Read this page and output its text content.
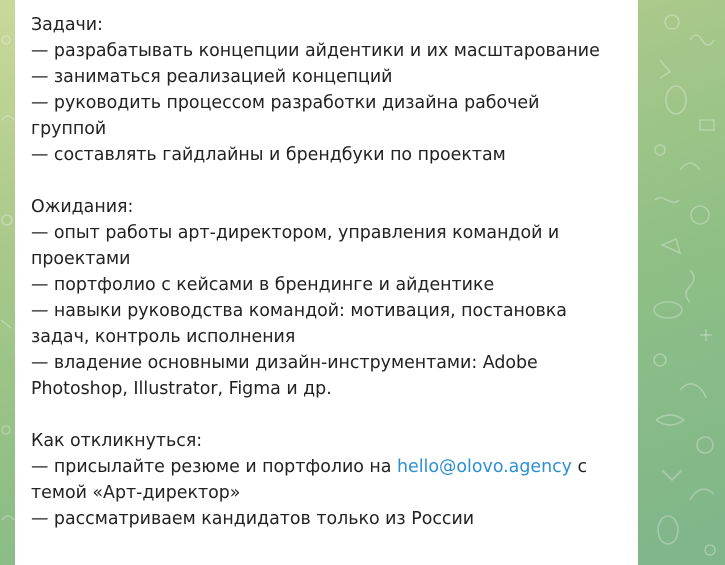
Задачи:
— разрабатывать концепции айдентики и их масштарование
— заниматься реализацией концепций
— руководить процессом разработки дизайна рабочей
группой
— составлять гайдлайны и брендбуки по проектам
Ожидания:
— опыт работы арт-директором, управления командой и
проектами
— портфолио с кейсами в брендинге и айдентике
— навыки руководства командой: мотивация, постановка
задач, контроль исполнения
— владение основными дизайн-инструментами: Adobe
Photoshop, Illustrator, Figma и др.
Как откликнуться:
— присылайте резюме и портфолио на hello@olovo.agency с
темой «Арт-директор»
— рассматриваем кандидатов только из России
